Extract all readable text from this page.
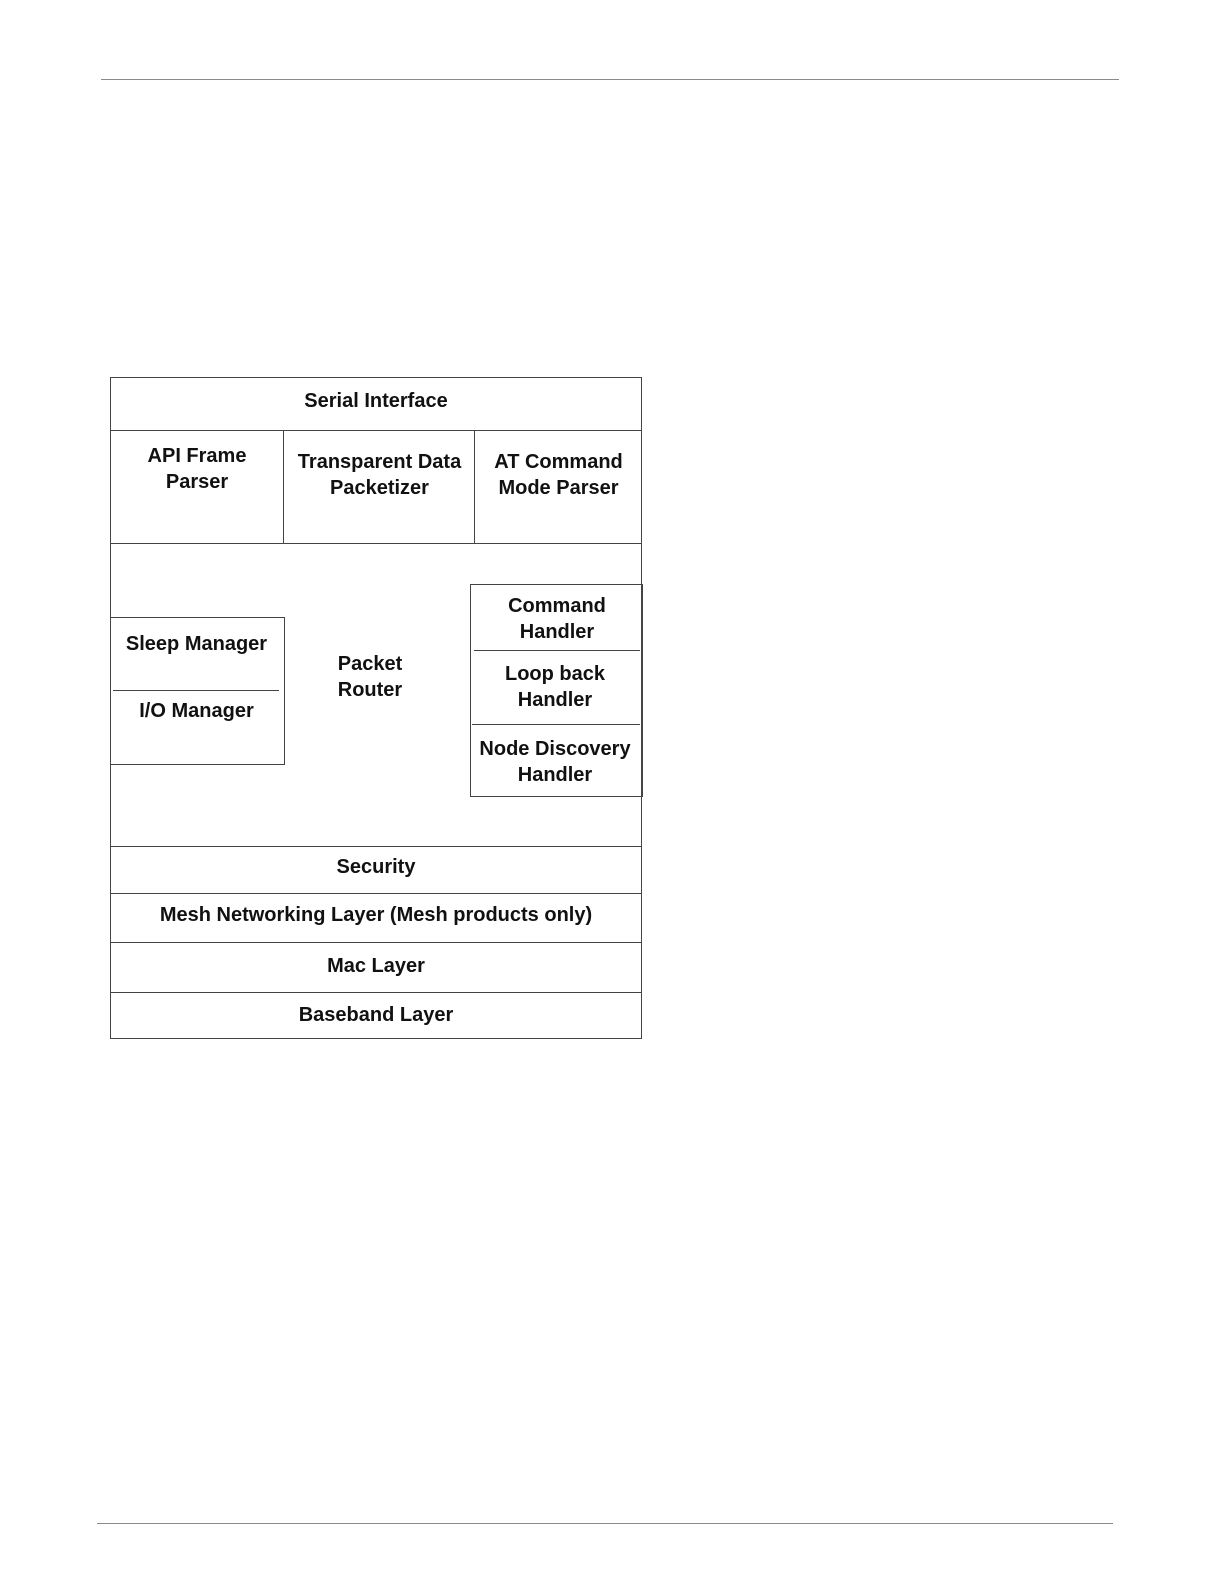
Serial Interface
API Frame
Parser
Transparent Data
Packetizer
AT Command
Mode Parser
Sleep Manager
I/O Manager
Packet
Router
Command
Handler
Loop back
Handler
Node Discovery
Handler
Security
Mesh Networking Layer (Mesh products only)
Mac Layer
Baseband Layer
